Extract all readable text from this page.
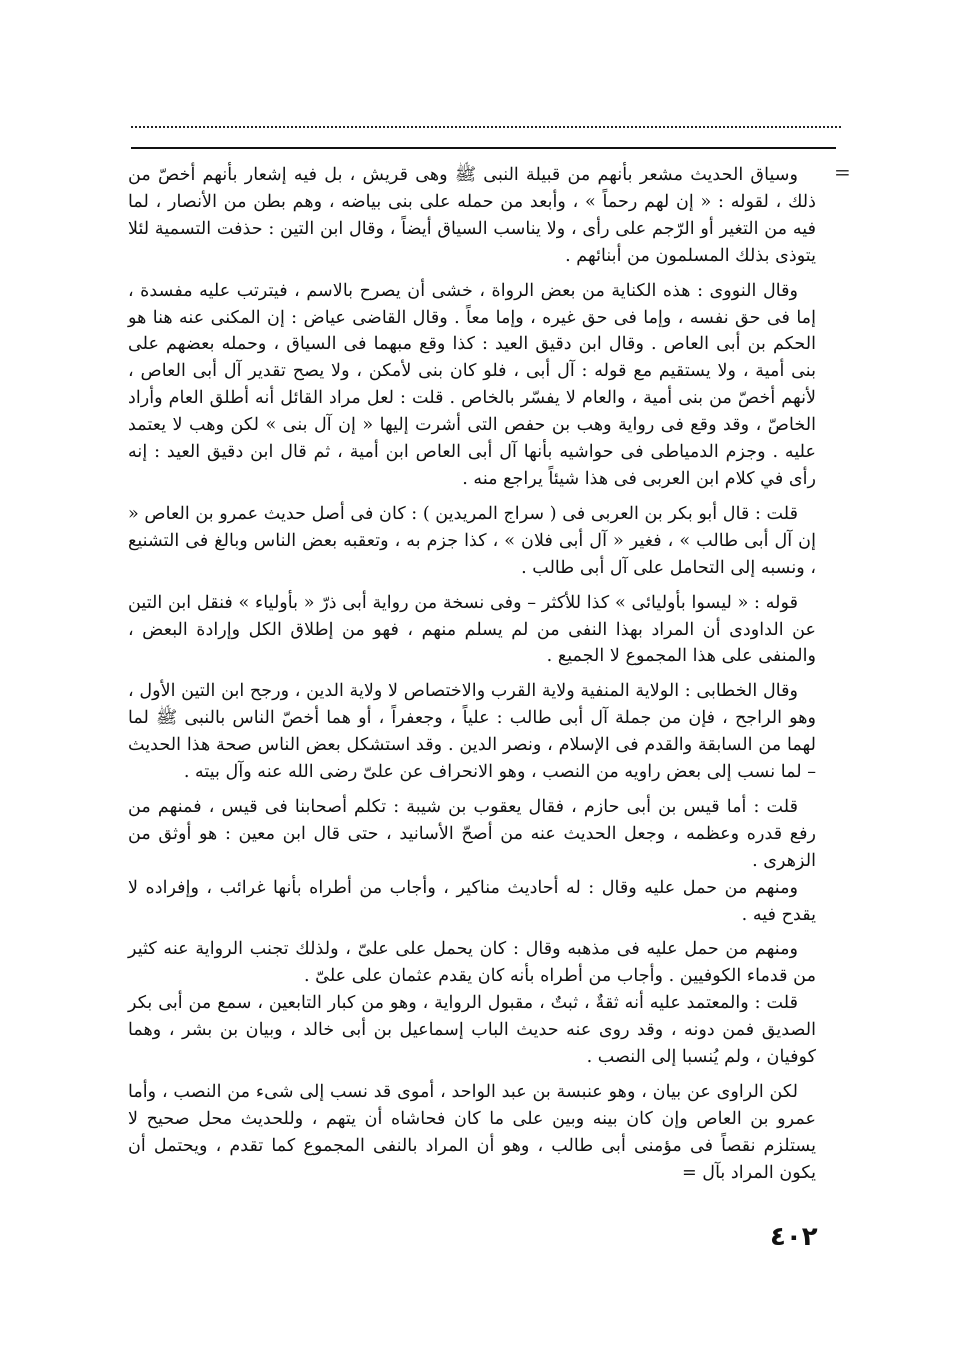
=

وسياق الحديث مشعر بأنهم من قبيلة النبى ﷺ وهى قريش ، بل فيه إشعار بأنهم أخصّ من ذلك ، لقوله : « إن لهم رحماً » ، وأبعد من حمله على بنى بياضه ، وهم بطن من الأنصار ، لما فيه من التغير أو الرّجم على رأى ، ولا يناسب السياق أيضاً ، وقال ابن التين : حذفت التسمية لئلا يتوذى بذلك المسلمون من أبنائهم .

وقال النووى : هذه الكناية من بعض الرواة ، خشى أن يصرح بالاسم ، فيترتب عليه مفسدة ، إما فى حق نفسه ، وإما فى حق غيره ، وإما معاً . وقال القاضى عياض : إن المكنى عنه هنا هو الحكم بن أبى العاص . وقال ابن دقيق العيد : كذا وقع مبهما فى السياق ، وحمله بعضهم على بنى أمية ، ولا يستقيم مع قوله : آل أبى ، فلو كان بنى لأمكن ، ولا يصح تقدير آل أبى العاص ، لأنهم أخصّ من بنى أمية ، والعام لا يفسّر بالخاص . قلت : لعل مراد القائل أنه أطلق العام وأراد الخاصّ ، وقد وقع فى رواية وهب بن حفص التى أشرت إليها « إن آل بنى » لكن وهب لا يعتمد عليه . وجزم الدمياطى فى حواشيه بأنها آل أبى العاص ابن أمية ، ثم قال ابن دقيق العيد : إنه رأى في كلام ابن العربى فى هذا شيئاً يراجع منه .

قلت : قال أبو بكر بن العربى فى ( سراج المريدين ) : كان فى أصل حديث عمرو بن العاص « إن آل أبى طالب » ، فغير « آل أبى فلان » ، كذا جزم به ، وتعقبه بعض الناس وبالغ فى التشنيع ، ونسبه إلى التحامل على آل أبى طالب .

قوله : « ليسوا بأوليائى » كذا للأكثر – وفى نسخة من رواية أبى ذرّ « بأولياء » فنقل ابن التين عن الداودى أن المراد بهذا النفى من لم يسلم منهم ، فهو من إطلاق الكل وإرادة البعض ، والمنفى على هذا المجموع لا الجميع .

وقال الخطابى : الولاية المنفية ولاية القرب والاختصاص لا ولاية الدين ، ورجح ابن التين الأول ، وهو الراجح ، فإن من جملة آل أبى طالب : علياً ، وجعفراً ، أو هما أخصّ الناس بالنبى ﷺ لما لهما من السابقة والقدم فى الإسلام ، ونصر الدين . وقد استشكل بعض الناس صحة هذا الحديث – لما نسب إلى بعض راويه من النصب ، وهو الانحراف عن علىّ رضى الله عنه وآل بيته .

قلت : أما قيس بن أبى حازم ، فقال يعقوب بن شيبة : تكلم أصحابنا فى قيس ، فمنهم من رفع قدره وعظمه ، وجعل الحديث عنه من أصحّ الأسانيد ، حتى قال ابن معين : هو أوثق من الزهرى .

ومنهم من حمل عليه وقال : له أحاديث مناكير ، وأجاب من أطراه بأنها غرائب ، وإفراده لا يقدح فيه .

ومنهم من حمل عليه فى مذهبه وقال : كان يحمل على علىّ ، ولذلك تجنب الرواية عنه كثير من قدماء الكوفيين . وأجاب من أطراه بأنه كان يقدم عثمان على علىّ .

قلت : والمعتمد عليه أنه ثقةٌ ، ثبتٌ ، مقبول الرواية ، وهو من كبار التابعين ، سمع من أبى بكر الصديق فمن دونه ، وقد روى عنه حديث الباب إسماعيل بن أبى خالد ، وبيان بن بشر ، وهما كوفيان ، ولم يُنسبا إلى النصب .

لكن الراوى عن بيان ، وهو عنبسة بن عبد الواحد ، أموى قد نسب إلى شىء من النصب ، وأما عمرو بن العاص وإن كان بينه وبين على ما كان فحاشاه أن يتهم ، وللحديث محل صحيح لا يستلزم نقصاً فى مؤمنى أبى طالب ، وهو أن المراد بالنفى المجموع كما تقدم ، ويحتمل أن يكون المراد بآل =

٤٠٢
